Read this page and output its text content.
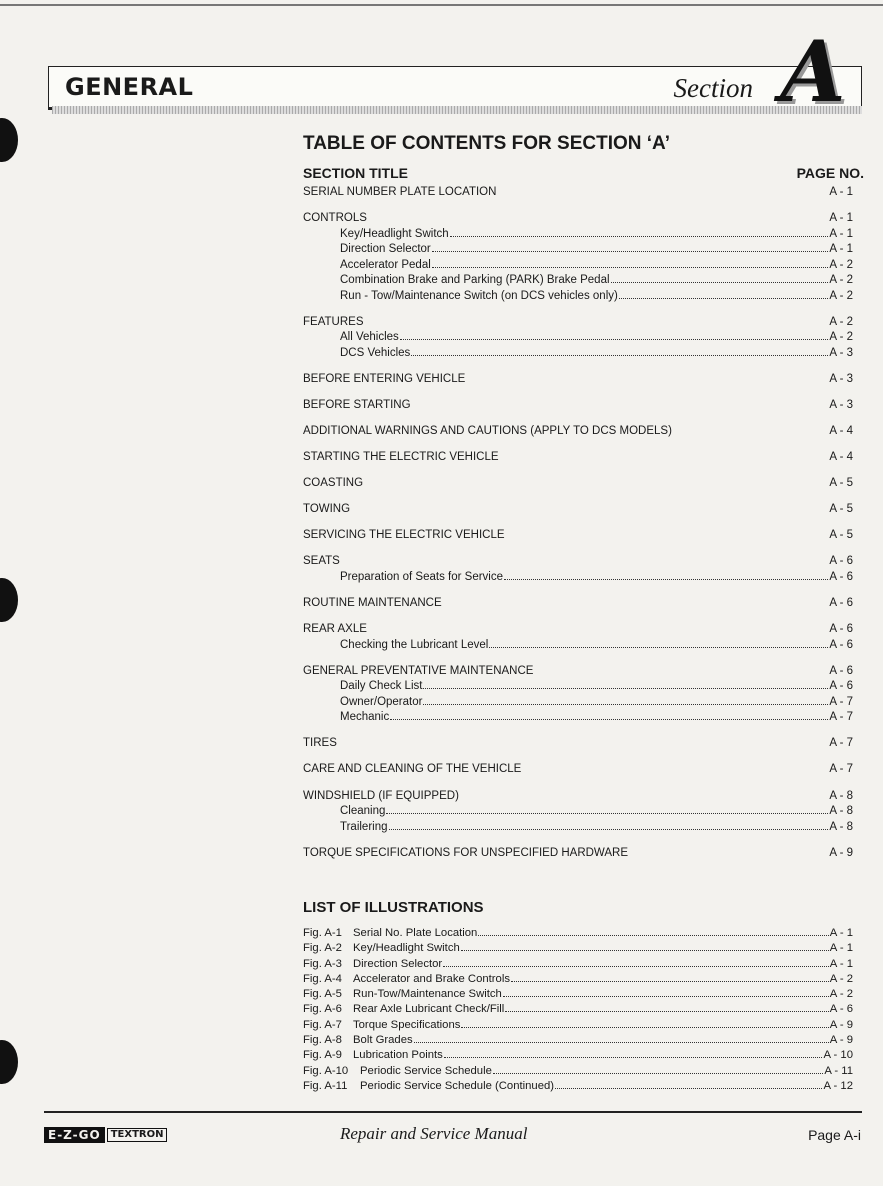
GENERAL	Section A
TABLE OF CONTENTS FOR SECTION ‘A’
SECTION TITLE	PAGE NO.
SERIAL NUMBER PLATE LOCATION	A - 1
CONTROLS	A - 1
Key/Headlight Switch	A - 1
Direction Selector	A - 1
Accelerator Pedal	A - 2
Combination Brake and Parking (PARK) Brake Pedal	A - 2
Run - Tow/Maintenance Switch (on DCS vehicles only)	A - 2
FEATURES	A - 2
All Vehicles	A - 2
DCS Vehicles	A - 3
BEFORE ENTERING VEHICLE	A - 3
BEFORE STARTING	A - 3
ADDITIONAL WARNINGS AND CAUTIONS (APPLY TO DCS MODELS)	A - 4
STARTING THE ELECTRIC VEHICLE	A - 4
COASTING	A - 5
TOWING	A - 5
SERVICING THE ELECTRIC VEHICLE	A - 5
SEATS	A - 6
Preparation of Seats for Service	A - 6
ROUTINE MAINTENANCE	A - 6
REAR AXLE	A - 6
Checking the Lubricant Level	A - 6
GENERAL PREVENTATIVE MAINTENANCE	A - 6
Daily Check List	A - 6
Owner/Operator	A - 7
Mechanic	A - 7
TIRES	A - 7
CARE AND CLEANING OF THE VEHICLE	A - 7
WINDSHIELD (IF EQUIPPED)	A - 8
Cleaning	A - 8
Trailering	A - 8
TORQUE SPECIFICATIONS FOR UNSPECIFIED HARDWARE	A - 9
LIST OF ILLUSTRATIONS
Fig. A-1 Serial No. Plate Location	A - 1
Fig. A-2 Key/Headlight Switch	A - 1
Fig. A-3 Direction Selector	A - 1
Fig. A-4 Accelerator and Brake Controls	A - 2
Fig. A-5 Run-Tow/Maintenance Switch	A - 2
Fig. A-6 Rear Axle Lubricant Check/Fill	A - 6
Fig. A-7 Torque Specifications	A - 9
Fig. A-8 Bolt Grades	A - 9
Fig. A-9 Lubrication Points	A - 10
Fig. A-10	Periodic Service Schedule	A - 11
Fig. A-11	Periodic Service Schedule (Continued)	A - 12
E-Z-GO	TEXTRON	Repair and Service Manual	Page A-i
